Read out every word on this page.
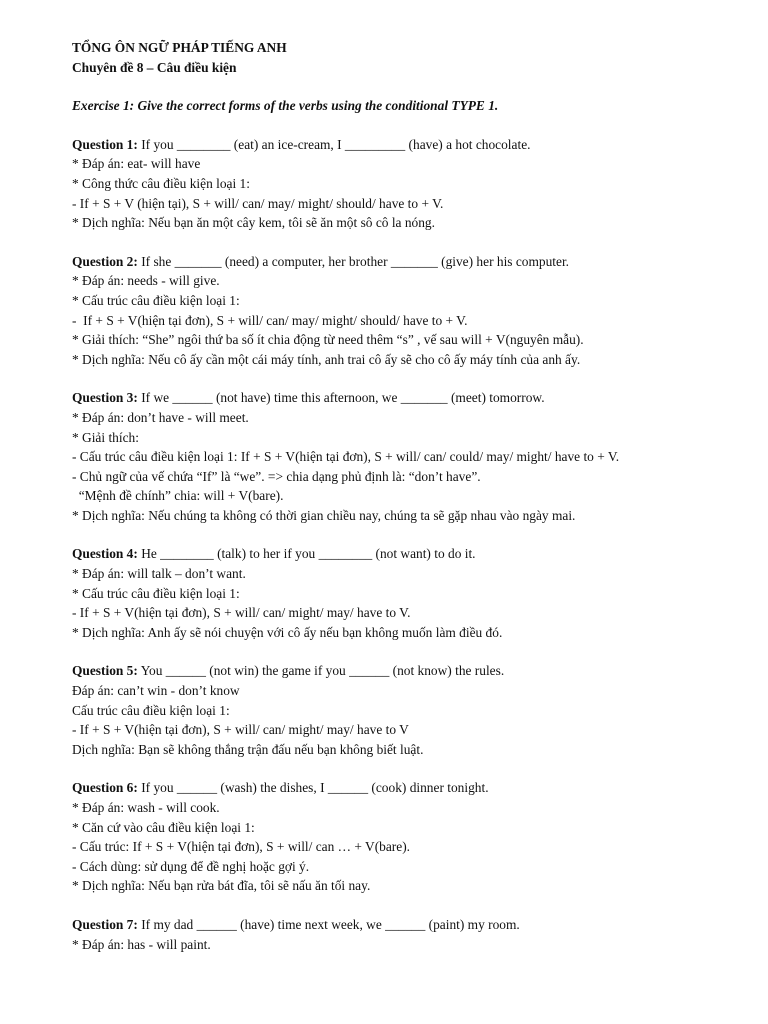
TỔNG ÔN NGỮ PHÁP TIẾNG ANH
Chuyên đề 8 – Câu điều kiện
Exercise 1: Give the correct forms of the verbs using the conditional TYPE 1.
Question 1: If you ________ (eat) an ice-cream, I _________ (have) a hot chocolate.
* Đáp án: eat- will have
* Công thức câu điều kiện loại 1:
- If + S + V (hiện tại), S + will/ can/ may/ might/ should/ have to + V.
* Dịch nghĩa: Nếu bạn ăn một cây kem, tôi sẽ ăn một sô cô la nóng.
Question 2: If she _______ (need) a computer, her brother _______ (give) her his computer.
* Đáp án: needs - will give.
* Cấu trúc câu điều kiện loại 1:
-  If + S + V(hiện tại đơn), S + will/ can/ may/ might/ should/ have to + V.
* Giải thích: “She” ngôi thứ ba số ít chia động từ need thêm “s” , vế sau will + V(nguyên mẫu).
* Dịch nghĩa: Nếu cô ấy cần một cái máy tính, anh trai cô ấy sẽ cho cô ấy máy tính của anh ấy.
Question 3: If we ______ (not have) time this afternoon, we _______ (meet) tomorrow.
* Đáp án: don’t have - will meet.
* Giải thích:
- Cấu trúc câu điều kiện loại 1: If + S + V(hiện tại đơn), S + will/ can/ could/ may/ might/ have to + V.
- Chủ ngữ của vế chứa “If” là “we”. => chia dạng phủ định là: “don’t have”.
“Mệnh đề chính” chia: will + V(bare).
* Dịch nghĩa: Nếu chúng ta không có thời gian chiều nay, chúng ta sẽ gặp nhau vào ngày mai.
Question 4: He ________ (talk) to her if you ________ (not want) to do it.
* Đáp án: will talk – don’t want.
* Cấu trúc câu điều kiện loại 1:
- If + S + V(hiện tại đơn), S + will/ can/ might/ may/ have to V.
* Dịch nghĩa: Anh ấy sẽ nói chuyện với cô ấy nếu bạn không muốn làm điều đó.
Question 5: You ______ (not win) the game if you ______ (not know) the rules.
Đáp án: can’t win - don’t know
Cấu trúc câu điều kiện loại 1:
- If + S + V(hiện tại đơn), S + will/ can/ might/ may/ have to V
Dịch nghĩa: Bạn sẽ không thắng trận đấu nếu bạn không biết luật.
Question 6: If you ______ (wash) the dishes, I ______ (cook) dinner tonight.
* Đáp án: wash - will cook.
* Căn cứ vào câu điều kiện loại 1:
- Cấu trúc: If + S + V(hiện tại đơn), S + will/ can … + V(bare).
- Cách dùng: sử dụng để đề nghị hoặc gợi ý.
* Dịch nghĩa: Nếu bạn rửa bát đĩa, tôi sẽ nấu ăn tối nay.
Question 7: If my dad ______ (have) time next week, we ______ (paint) my room.
* Đáp án: has - will paint.
